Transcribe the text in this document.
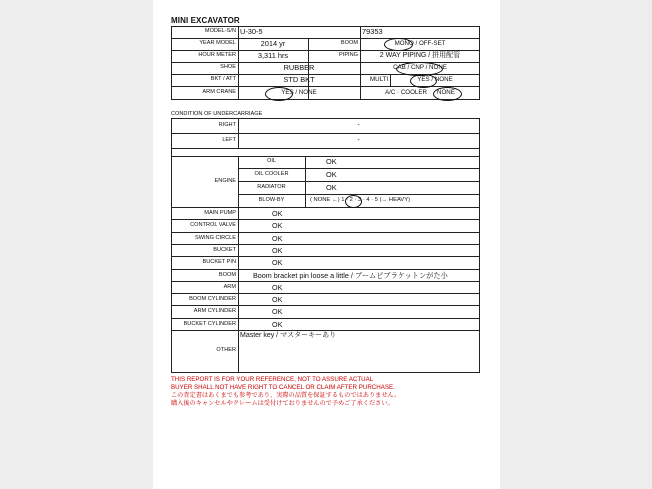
MINI EXCAVATOR
MODEL-S/N U-30-5	79353
YEAR MODEL	2014 yr	BOOM	MONO / OFF-SET
HOUR METER	3,311 hrs	PIPING	2 WAY PIPING / 拼用配管
SHOE	RUBBER	CAB / CNP / NONE
BKT / ATT	STD BKT	MULTI	YES / NONE
ARM CRANE	YES / NONE	A/C · COOLER NONE
CONDITION OF UNDERCARRIAGE
RIGHT	-
LEFT	-
ENGINE
OIL	OK
OIL COOLER	OK
RADIATOR	OK
BLOW-BY	( NONE ←) 1 · 2 · 3 · 4 · 5 (→ HEAVY)
MAIN PUMP	OK
CONTROL VALVE	OK
SWING CIRCLE	OK
BUCKET	OK
BUCKET PIN	OK
BOOM Boom bracket pin loose a little / ブームピブラケットンがた小
ARM	OK
BOOM CYLINDER	OK
ARM CYLINDER	OK
BUCKET CYLINDER	OK
OTHER
Master key / マスターキーあり
THIS REPORT IS FOR YOUR REFERENCE, NOT TO ASSURE ACTUAL
BUYER SHALL NOT HAVE RIGHT TO CANCEL OR CLAIM AFTER PURCHASE.
この査定書はあくまでも参考であり、実際の品質を保証するものではありません。
購入後のキャンセルやクレームは受付けておりませんので予めご了承ください。
